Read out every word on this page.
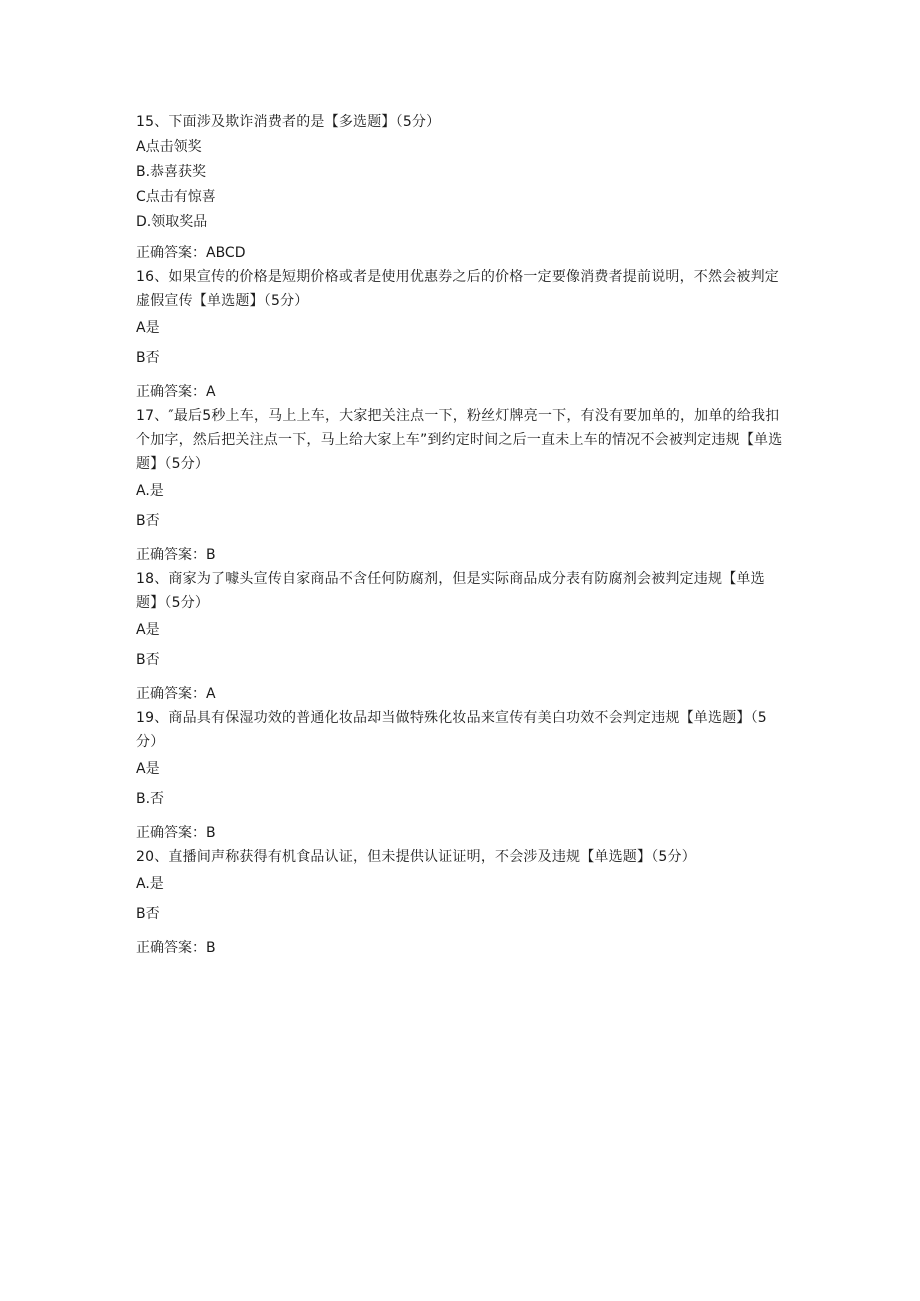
15、下面涉及欺诈消费者的是【多选题】（5分）

A点击领奖

B.恭喜获奖

C点击有惊喜

D.领取奖品

正确答案：ABCD

16、如果宣传的价格是短期价格或者是使用优惠券之后的价格一定要像消费者提前说明，不然会被判定虚假宣传【单选题】（5分）

A是

B否

正确答案：A

17、″最后5秒上车，马上上车，大家把关注点一下，粉丝灯牌亮一下，有没有要加单的，加单的给我扣个加字，然后把关注点一下，马上给大家上车”到约定时间之后一直未上车的情况不会被判定违规【单选题】（5分）

A.是

B否

正确答案：B

18、商家为了噱头宣传自家商品不含任何防腐剂，但是实际商品成分表有防腐剂会被判定违规【单选题】（5分）

A是

B否

正确答案：A

19、商品具有保湿功效的普通化妆品却当做特殊化妆品来宣传有美白功效不会判定违规【单选题】（5分）

A是

B.否

正确答案：B

20、直播间声称获得有机食品认证，但未提供认证证明，不会涉及违规【单选题】（5分）

A.是

B否

正确答案：B
